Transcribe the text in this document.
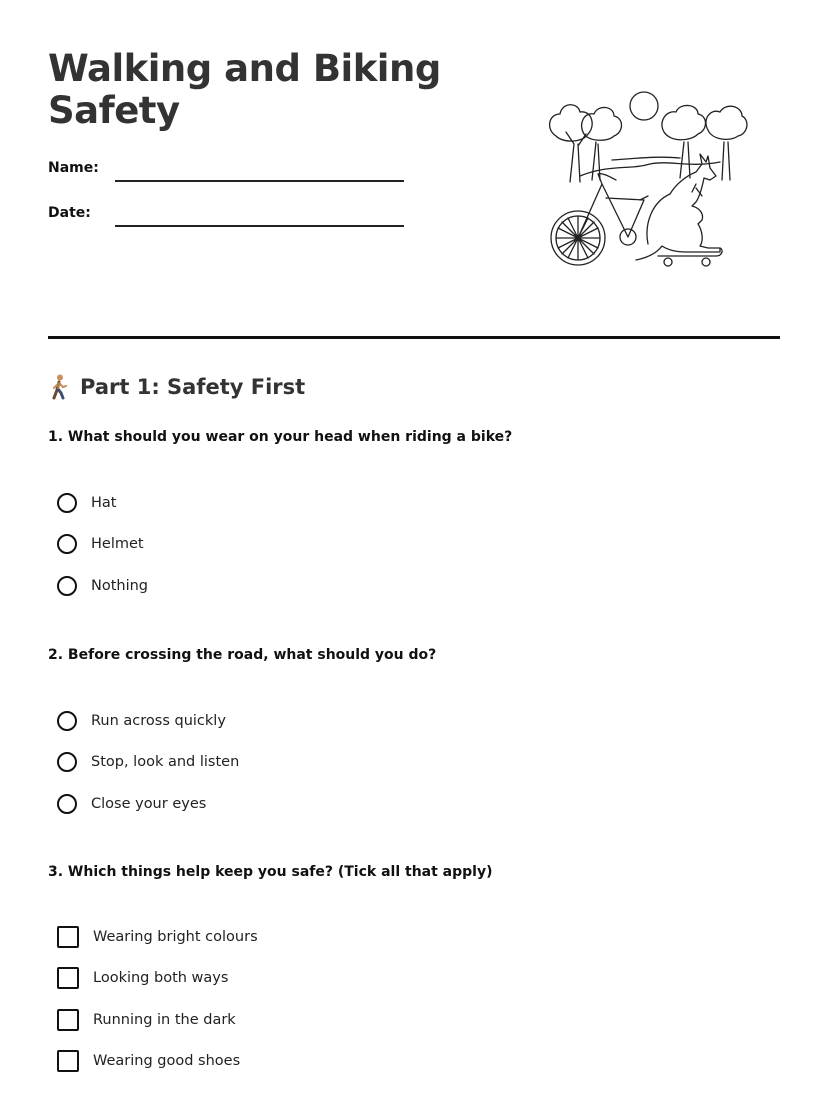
Walking and Biking
Safety
Name:
Date:
Part 1: Safety First

1. What should you wear on your head when riding a bike?

Hat
Helmet
Nothing

2. Before crossing the road, what should you do?

Run across quickly
Stop, look and listen
Close your eyes

3. Which things help keep you safe? (Tick all that apply)

Wearing bright colours
Looking both ways
Running in the dark
Wearing good shoes
